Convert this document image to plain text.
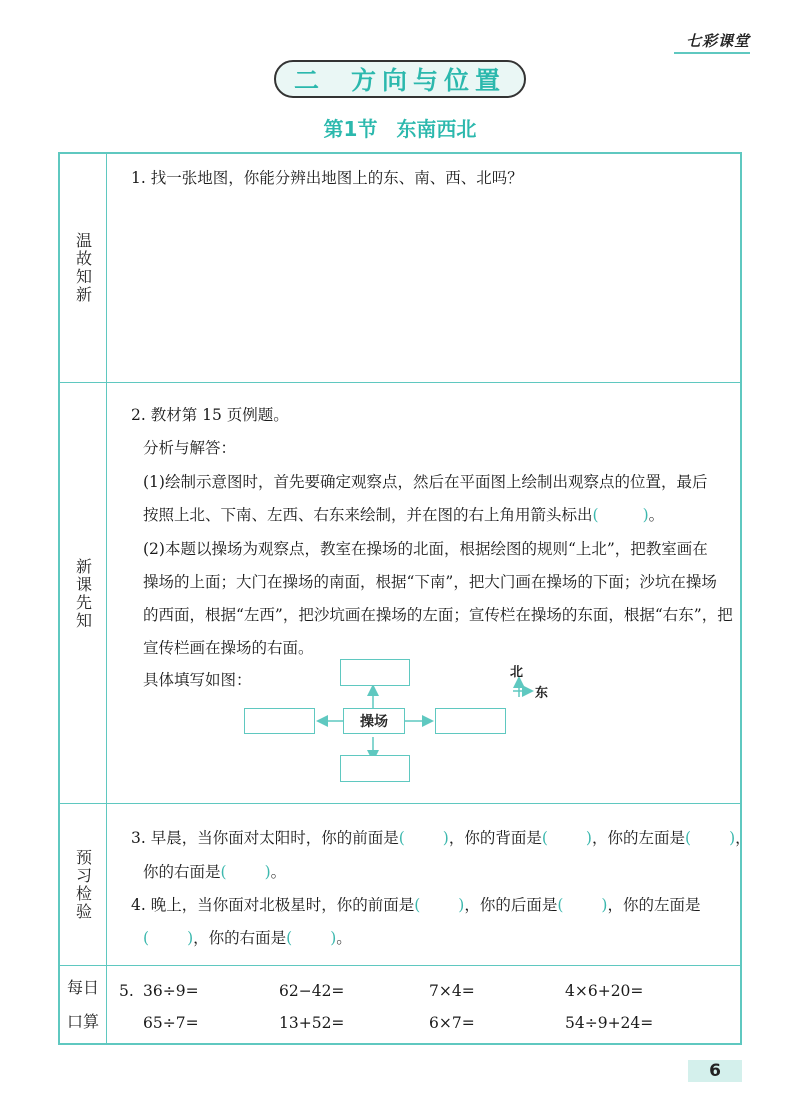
七彩课堂
二 方向与位置
第1节 东南西北
温故知新
1. 找一张地图，你能分辨出地图上的东、南、西、北吗？
新课先知
2. 教材第 15 页例题。
分析与解答：
(1)绘制示意图时，首先要确定观察点，然后在平面图上绘制出观察点的位置，最后
按照上北、下南、左西、右东来绘制，并在图的右上角用箭头标出(	)。
(2)本题以操场为观察点，教室在操场的北面，根据绘图的规则“上北”，把教室画在
操场的上面；大门在操场的南面，根据“下南”，把大门画在操场的下面；沙坑在操场
的西面，根据“左西”，把沙坑画在操场的左面；宣传栏在操场的东面，根据“右东”，把
宣传栏画在操场的右面。
具体填写如图：
操场
北
东
预习检验
3. 早晨，当你面对太阳时，你的前面是( )，你的背面是( )，你的左面是( )，
你的右面是( )。
4. 晚上，当你面对北极星时，你的前面是( )，你的后面是( )，你的左面是
( )，你的右面是( )。
每日
口算
5. 36÷9=	62−42=	7×4=	4×6+20=
65÷7=	13+52=	6×7=	54÷9+24=
6
